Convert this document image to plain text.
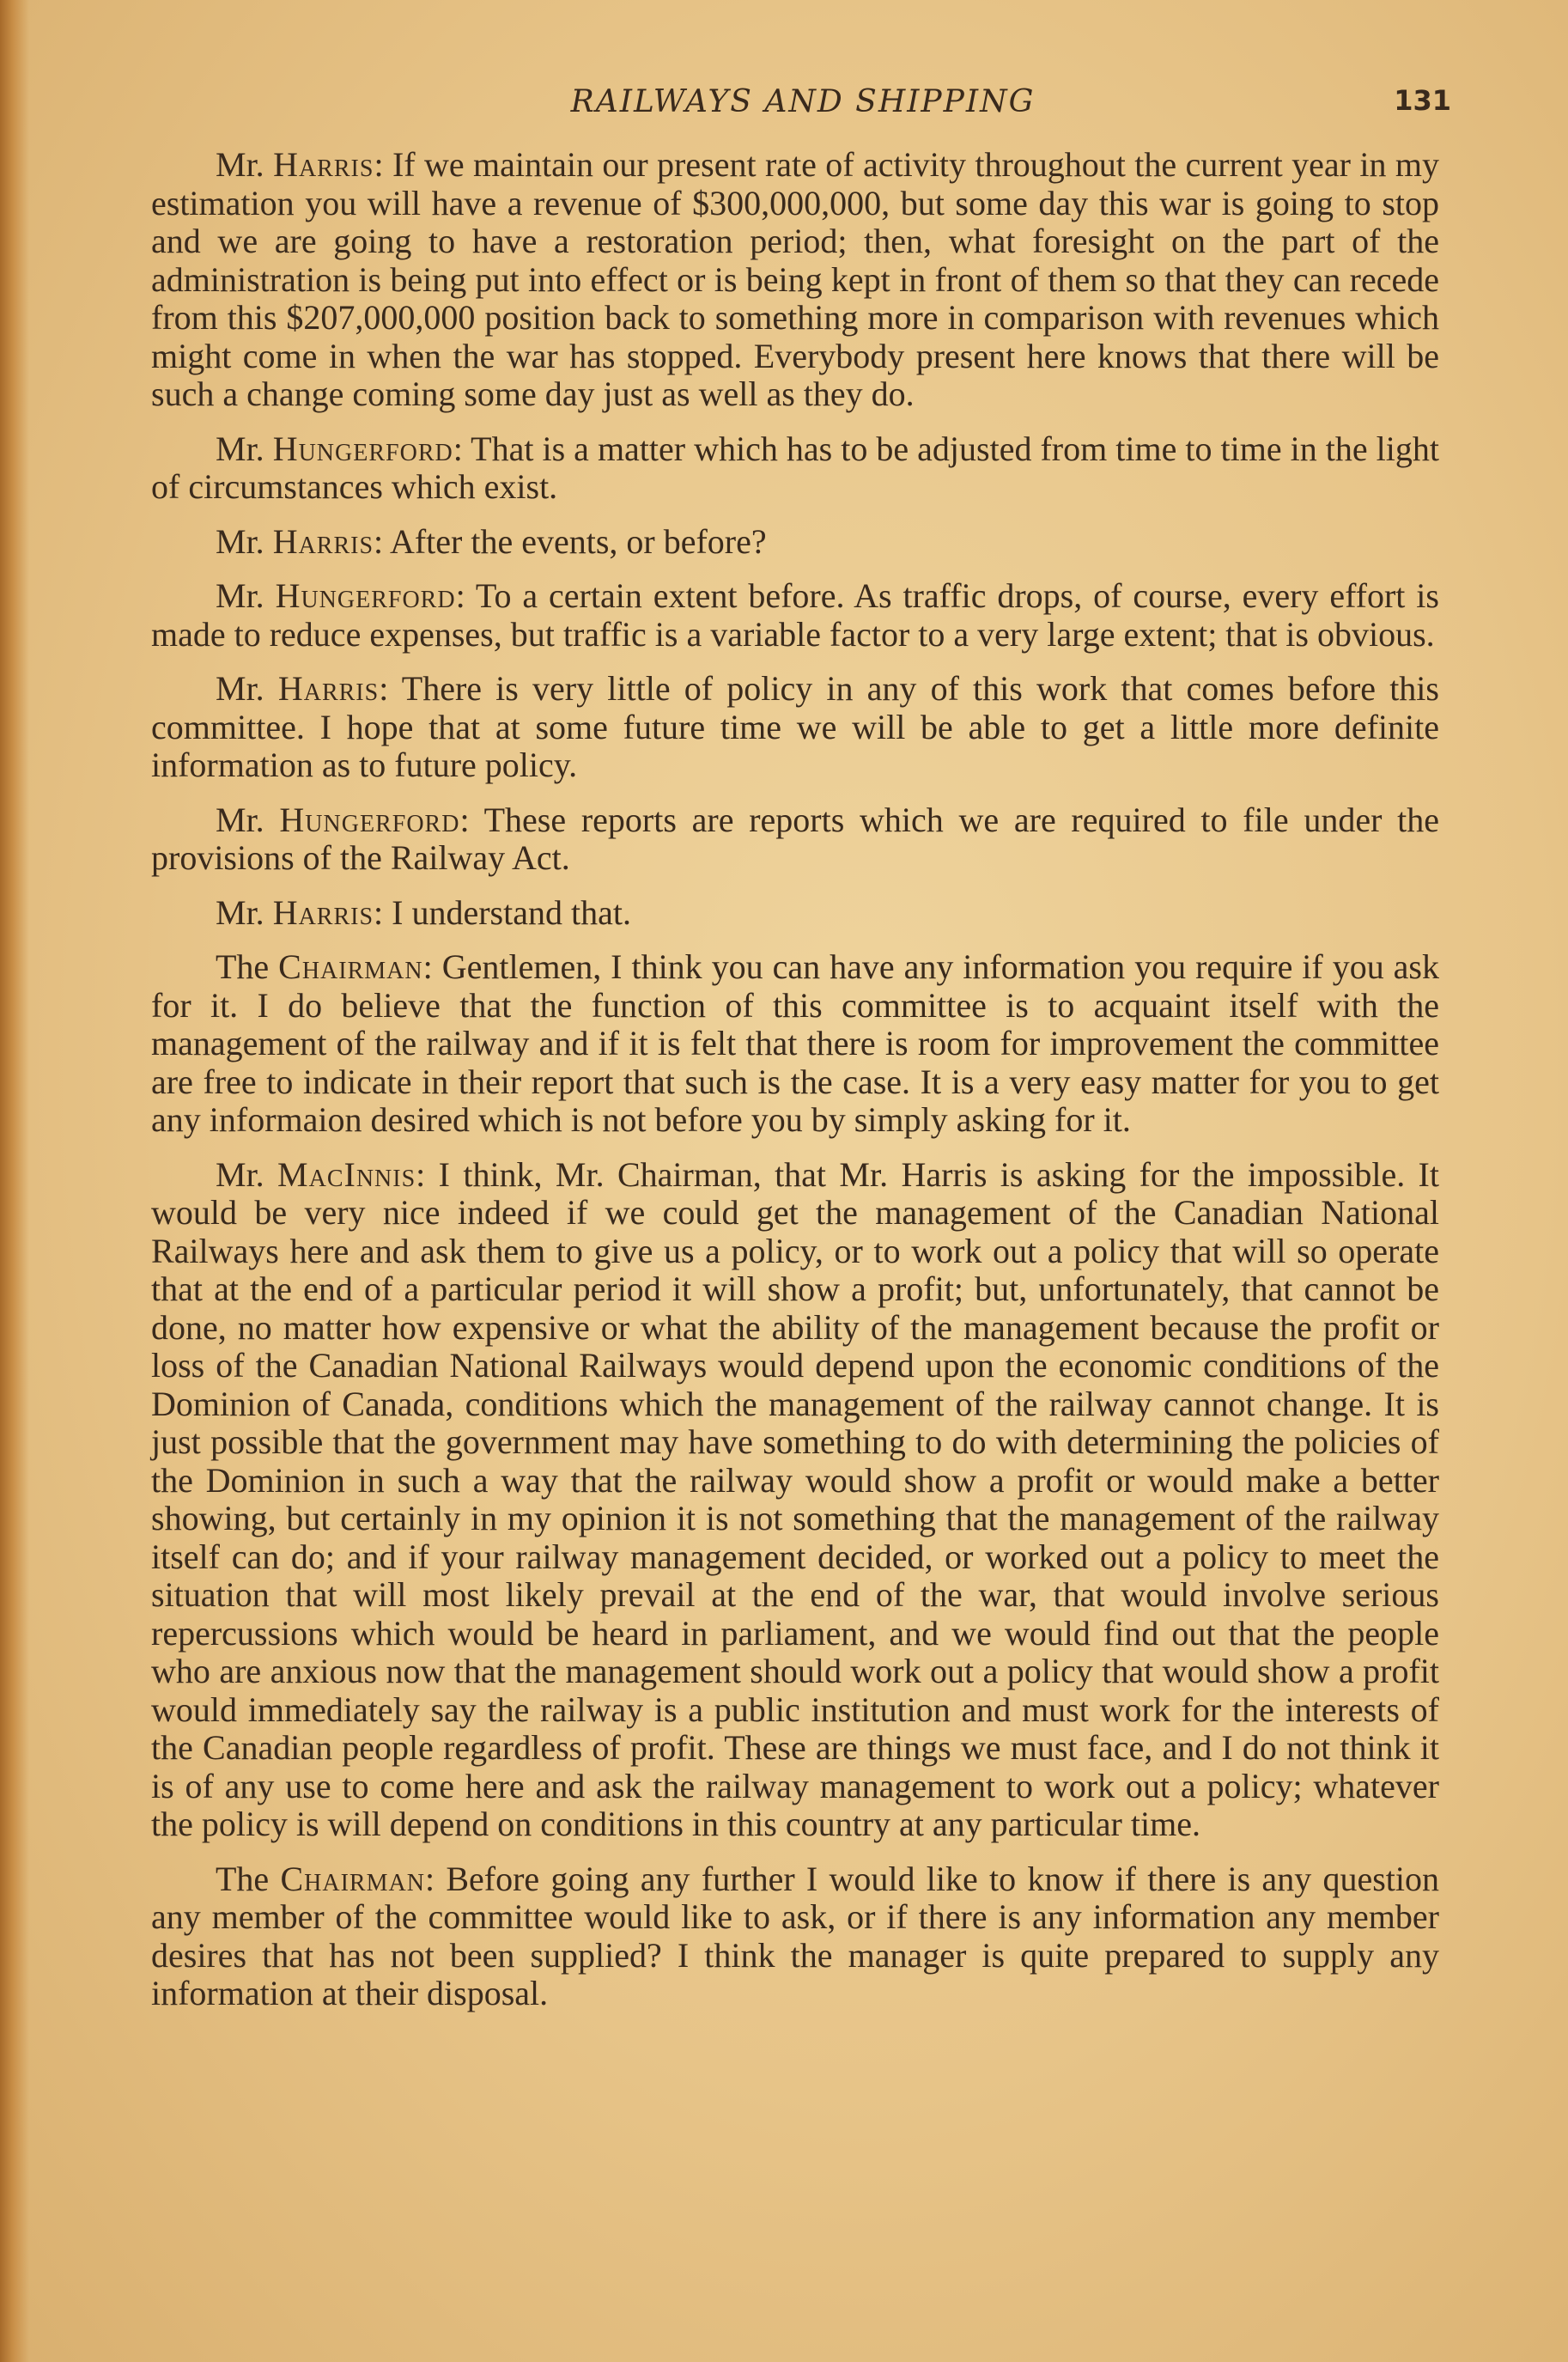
RAILWAYS AND SHIPPING	131

Mr. Harris: If we maintain our present rate of activity throughout the current year in my estimation you will have a revenue of $300,000,000, but some day this war is going to stop and we are going to have a restoration period; then, what foresight on the part of the administration is being put into effect or is being kept in front of them so that they can recede from this $207,000,000 position back to something more in comparison with revenues which might come in when the war has stopped. Everybody present here knows that there will be such a change coming some day just as well as they do.

Mr. Hungerford: That is a matter which has to be adjusted from time to time in the light of circumstances which exist.

Mr. Harris: After the events, or before?

Mr. Hungerford: To a certain extent before. As traffic drops, of course, every effort is made to reduce expenses, but traffic is a variable factor to a very large extent; that is obvious.

Mr. Harris: There is very little of policy in any of this work that comes before this committee. I hope that at some future time we will be able to get a little more definite information as to future policy.

Mr. Hungerford: These reports are reports which we are required to file under the provisions of the Railway Act.

Mr. Harris: I understand that.

The Chairman: Gentlemen, I think you can have any information you require if you ask for it. I do believe that the function of this committee is to acquaint itself with the management of the railway and if it is felt that there is room for improvement the committee are free to indicate in their report that such is the case. It is a very easy matter for you to get any informaion desired which is not before you by simply asking for it.

Mr. MacInnis: I think, Mr. Chairman, that Mr. Harris is asking for the impossible. It would be very nice indeed if we could get the management of the Canadian National Railways here and ask them to give us a policy, or to work out a policy that will so operate that at the end of a particular period it will show a profit; but, unfortunately, that cannot be done, no matter how expensive or what the ability of the management because the profit or loss of the Canadian National Railways would depend upon the economic conditions of the Dominion of Canada, conditions which the management of the railway cannot change. It is just possible that the government may have something to do with determining the policies of the Dominion in such a way that the railway would show a profit or would make a better showing, but certainly in my opinion it is not something that the management of the railway itself can do; and if your railway management decided, or worked out a policy to meet the situation that will most likely prevail at the end of the war, that would involve serious repercussions which would be heard in parliament, and we would find out that the people who are anxious now that the management should work out a policy that would show a profit would immediately say the railway is a public institution and must work for the interests of the Canadian people regardless of profit. These are things we must face, and I do not think it is of any use to come here and ask the railway management to work out a policy; whatever the policy is will depend on conditions in this country at any particular time.

The Chairman: Before going any further I would like to know if there is any question any member of the committee would like to ask, or if there is any information any member desires that has not been supplied? I think the manager is quite prepared to supply any information at their disposal.
